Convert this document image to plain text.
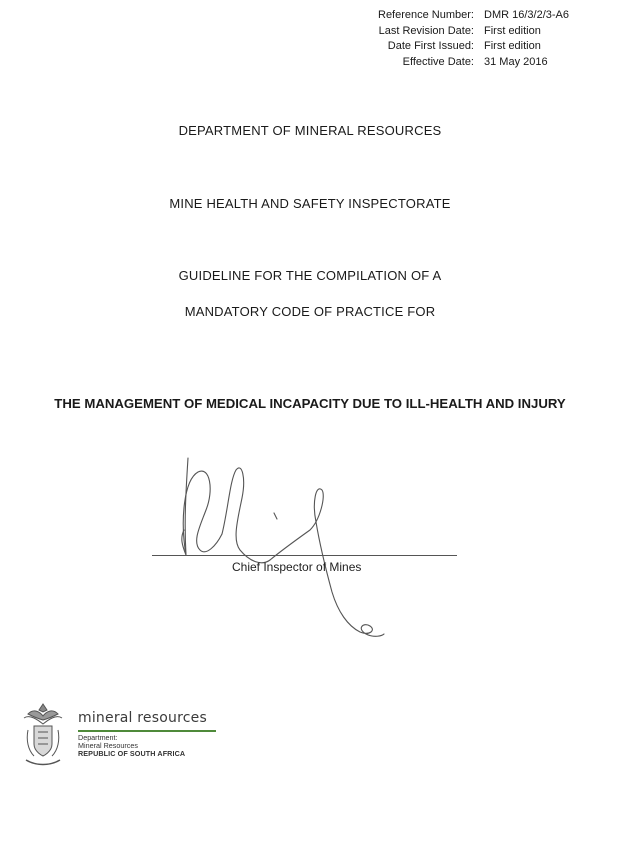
Reference Number: DMR 16/3/2/3-A6
Last Revision Date: First edition
Date First Issued: First edition
Effective Date: 31 May 2016
DEPARTMENT OF MINERAL RESOURCES
MINE HEALTH AND SAFETY INSPECTORATE
GUIDELINE FOR THE COMPILATION OF A
MANDATORY CODE OF PRACTICE FOR
THE MANAGEMENT OF MEDICAL INCAPACITY DUE TO ILL-HEALTH AND INJURY
Chief Inspector of Mines
mineral resources
Department:
Mineral Resources
REPUBLIC OF SOUTH AFRICA
